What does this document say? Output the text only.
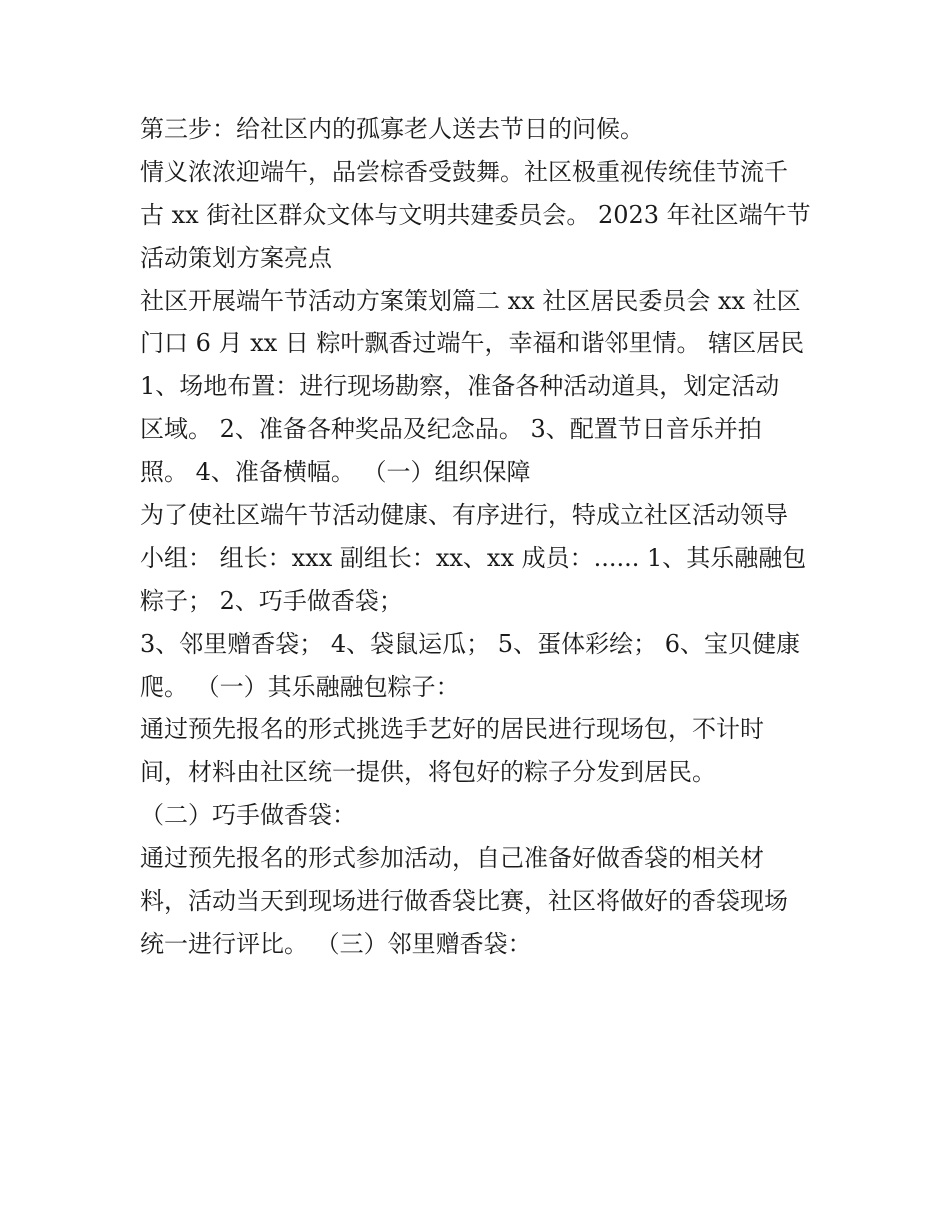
第三步：给社区内的孤寡老人送去节日的问候。
情义浓浓迎端午，品尝棕香受鼓舞。社区极重视传统佳节流千
古 xx 街社区群众文体与文明共建委员会。 2023 年社区端午节
活动策划方案亮点
社区开展端午节活动方案策划篇二 xx 社区居民委员会 xx 社区
门口 6 月 xx 日 粽叶飘香过端午，幸福和谐邻里情。 辖区居民
1、场地布置：进行现场勘察，准备各种活动道具，划定活动
区域。 2、准备各种奖品及纪念品。 3、配置节日音乐并拍
照。 4、准备横幅。 （一）组织保障
为了使社区端午节活动健康、有序进行，特成立社区活动领导
小组： 组长：xxx 副组长：xx、xx 成员：...... 1、其乐融融包
粽子； 2、巧手做香袋；
3、邻里赠香袋； 4、袋鼠运瓜； 5、蛋体彩绘； 6、宝贝健康
爬。 （一）其乐融融包粽子：
通过预先报名的形式挑选手艺好的居民进行现场包，不计时
间，材料由社区统一提供，将包好的粽子分发到居民。
（二）巧手做香袋：
通过预先报名的形式参加活动，自己准备好做香袋的相关材
料，活动当天到现场进行做香袋比赛，社区将做好的香袋现场
统一进行评比。 （三）邻里赠香袋：
